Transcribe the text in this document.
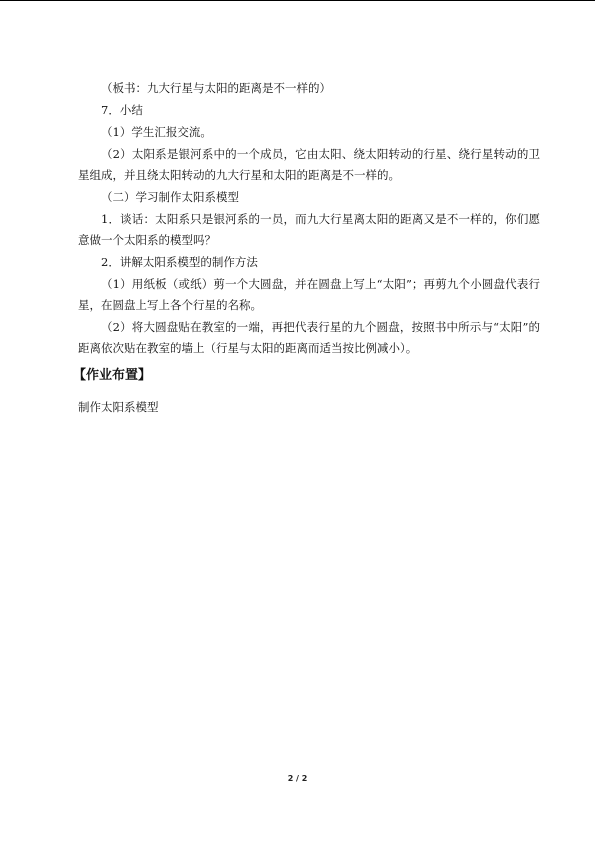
（板书：九大行星与太阳的距离是不一样的）

7．小结

（1）学生汇报交流。

（2）太阳系是银河系中的一个成员，它由太阳、绕太阳转动的行星、绕行星转动的卫星组成，并且绕太阳转动的九大行星和太阳的距离是不一样的。

（二）学习制作太阳系模型

1．谈话：太阳系只是银河系的一员，而九大行星离太阳的距离又是不一样的，你们愿意做一个太阳系的模型吗？

2．讲解太阳系模型的制作方法

（1）用纸板（或纸）剪一个大圆盘，并在圆盘上写上“太阳”；再剪九个小圆盘代表行星，在圆盘上写上各个行星的名称。

（2）将大圆盘贴在教室的一端，再把代表行星的九个圆盘，按照书中所示与“太阳”的距离依次贴在教室的墙上（行星与太阳的距离而适当按比例减小）。

【作业布置】
制作太阳系模型
2 / 2
